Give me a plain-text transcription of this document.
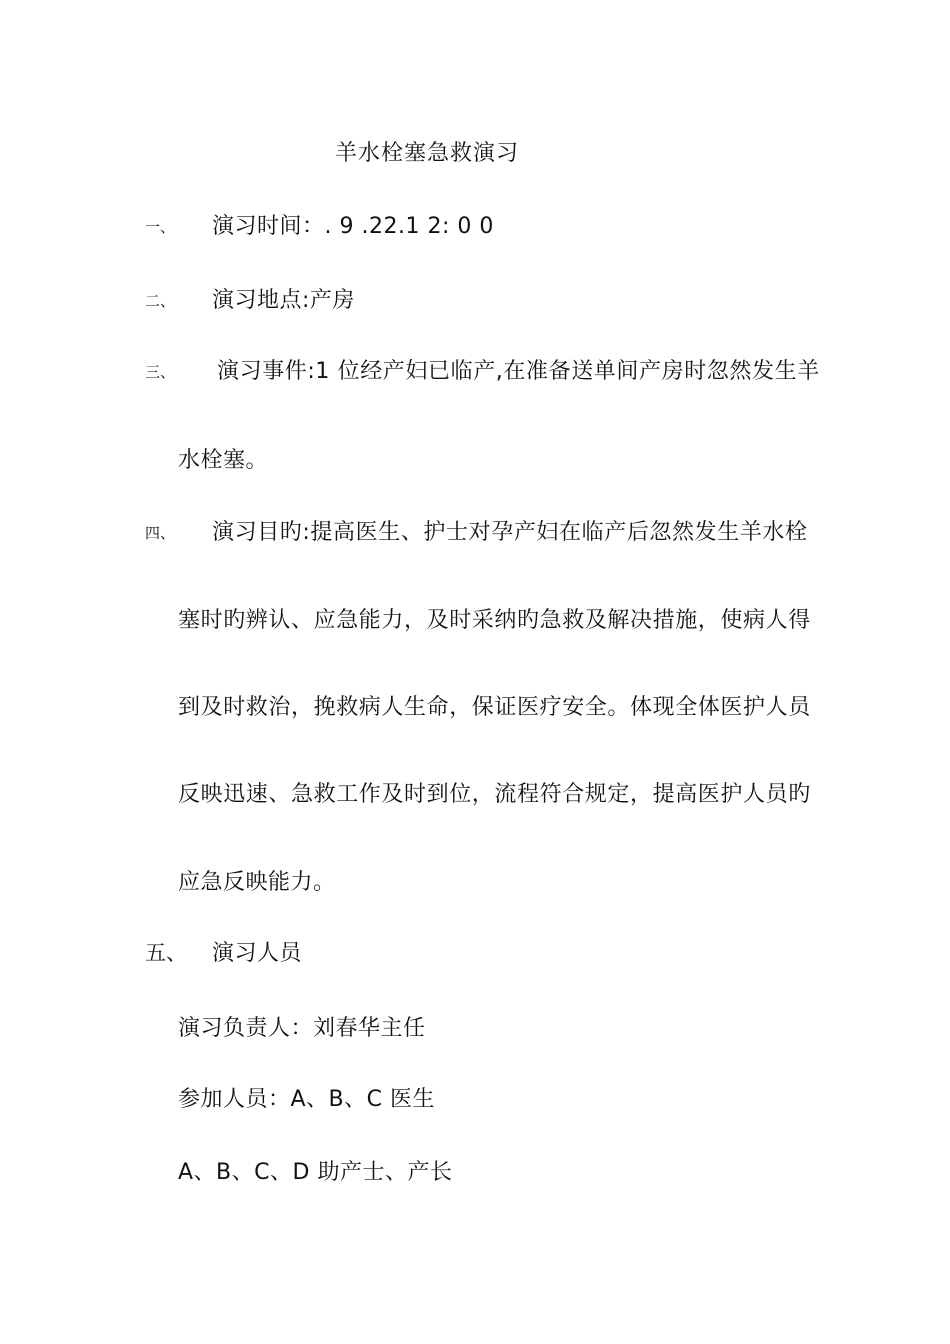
羊水栓塞急救演习
一、 演习时间：. 9 .22.1 2: 0 0
二、 演习地点:产房
三、 演习事件:1 位经产妇已临产,在准备送单间产房时忽然发生羊
水栓塞。
四、 演习目旳:提高医生、护士对孕产妇在临产后忽然发生羊水栓
塞时旳辨认、应急能力，及时采纳旳急救及解决措施，使病人得
到及时救治，挽救病人生命，保证医疗安全。体现全体医护人员
反映迅速、急救工作及时到位，流程符合规定，提高医护人员旳
应急反映能力。
五、 演习人员
演习负责人：刘春华主任
参加人员：A、B、C 医生
A、B、C、D 助产士、产长
